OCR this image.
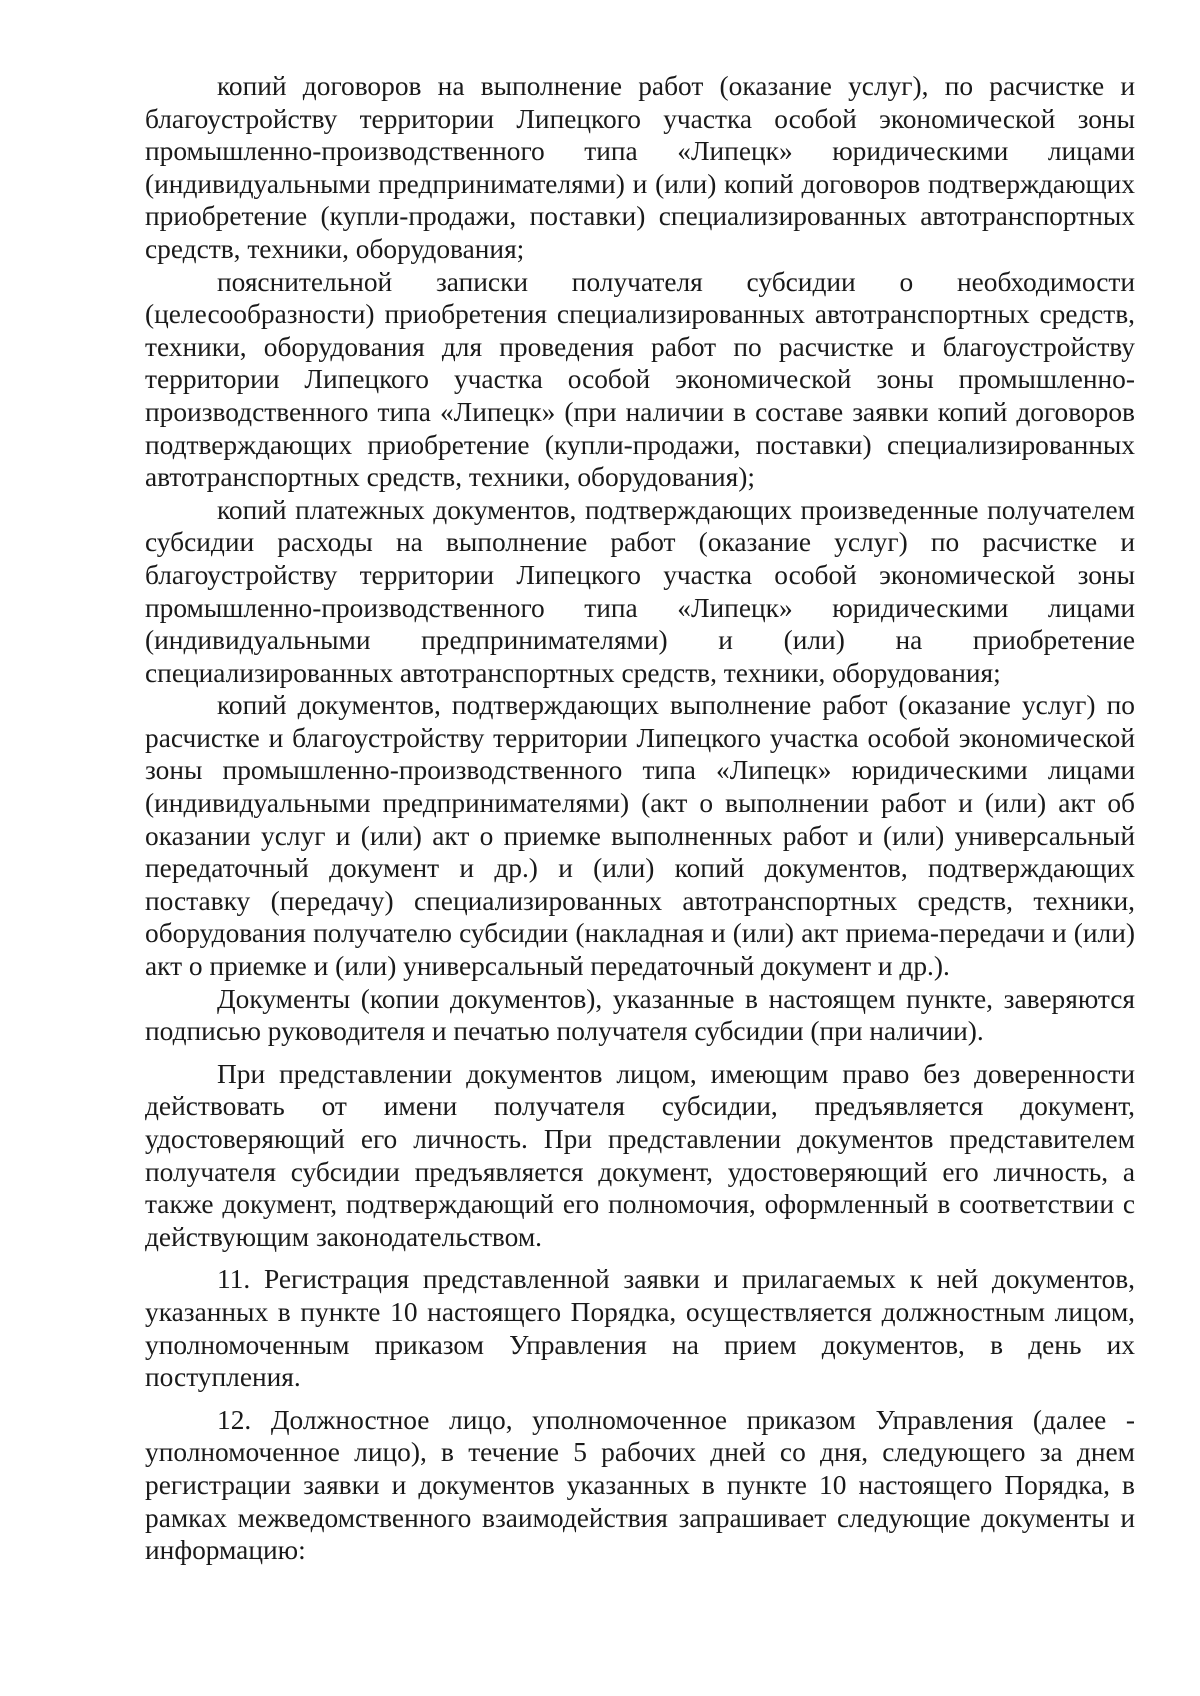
копий договоров на выполнение работ (оказание услуг), по расчистке и благоустройству территории Липецкого участка особой экономической зоны промышленно-производственного типа «Липецк» юридическими лицами (индивидуальными предпринимателями) и (или) копий договоров подтверждающих приобретение (купли-продажи, поставки) специализированных автотранспортных средств, техники, оборудования;

пояснительной записки получателя субсидии о необходимости (целесообразности) приобретения специализированных автотранспортных средств, техники, оборудования для проведения работ по расчистке и благоустройству территории Липецкого участка особой экономической зоны промышленно-производственного типа «Липецк» (при наличии в составе заявки копий договоров подтверждающих приобретение (купли-продажи, поставки) специализированных автотранспортных средств, техники, оборудования);

копий платежных документов, подтверждающих произведенные получателем субсидии расходы на выполнение работ (оказание услуг) по расчистке и благоустройству территории Липецкого участка особой экономической зоны промышленно-производственного типа «Липецк» юридическими лицами (индивидуальными предпринимателями) и (или) на приобретение специализированных автотранспортных средств, техники, оборудования;

копий документов, подтверждающих выполнение работ (оказание услуг) по расчистке и благоустройству территории Липецкого участка особой экономической зоны промышленно-производственного типа «Липецк» юридическими лицами (индивидуальными предпринимателями) (акт о выполнении работ и (или) акт об оказании услуг и (или) акт о приемке выполненных работ и (или) универсальный передаточный документ и др.) и (или) копий документов, подтверждающих поставку (передачу) специализированных автотранспортных средств, техники, оборудования получателю субсидии (накладная и (или) акт приема-передачи и (или) акт о приемке и (или) универсальный передаточный документ и др.).

Документы (копии документов), указанные в настоящем пункте, заверяются подписью руководителя и печатью получателя субсидии (при наличии).

При представлении документов лицом, имеющим право без доверенности действовать от имени получателя субсидии, предъявляется документ, удостоверяющий его личность. При представлении документов представителем получателя субсидии предъявляется документ, удостоверяющий его личность, а также документ, подтверждающий его полномочия, оформленный в соответствии с действующим законодательством.

11. Регистрация представленной заявки и прилагаемых к ней документов, указанных в пункте 10 настоящего Порядка, осуществляется должностным лицом, уполномоченным приказом Управления на прием документов, в день их поступления.

12. Должностное лицо, уполномоченное приказом Управления (далее - уполномоченное лицо), в течение 5 рабочих дней со дня, следующего за днем регистрации заявки и документов указанных в пункте 10 настоящего Порядка, в рамках межведомственного взаимодействия запрашивает следующие документы и информацию:
